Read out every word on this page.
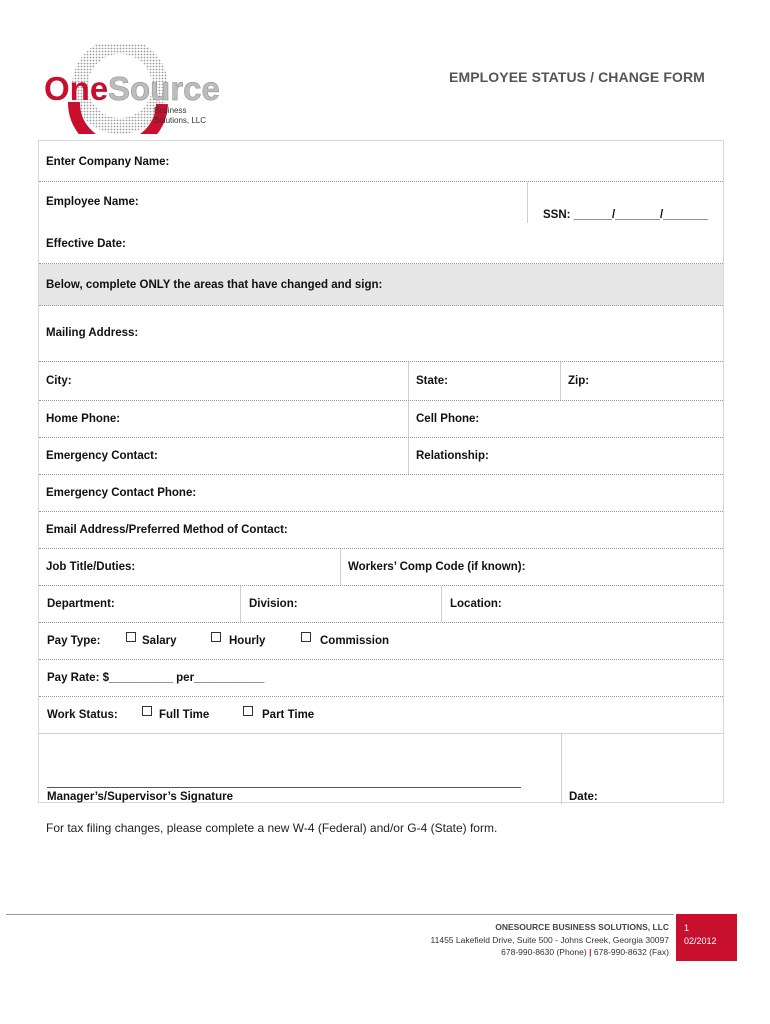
One Source
Business
Solutions, LLC
EMPLOYEE STATUS / CHANGE FORM
Enter Company Name:
Employee Name:
SSN: ______/_______/_______
Effective Date:
Below, complete ONLY the areas that have changed and sign:
Mailing Address:
City:	State:	Zip:
Home Phone:	Cell Phone:
Emergency Contact:	Relationship:
Emergency Contact Phone:
Email Address/Preferred Method of Contact:
Job Title/Duties:	Workers’ Comp Code (if known):
Department:	Division:	Location:
Pay Type:	Salary	Hourly	Commission
Pay Rate: $__________ per___________
Work Status:	Full Time	Part Time
Manager’s/Supervisor’s Signature	Date:
For tax filing changes, please complete a new W-4 (Federal) and/or G-4 (State) form.
ONESOURCE BUSINESS SOLUTIONS, LLC
11455 Lakefield Drive, Suite 500 - Johns Creek, Georgia 30097
678-990-8630 (Phone) | 678-990-8632 (Fax)
1
02/2012
